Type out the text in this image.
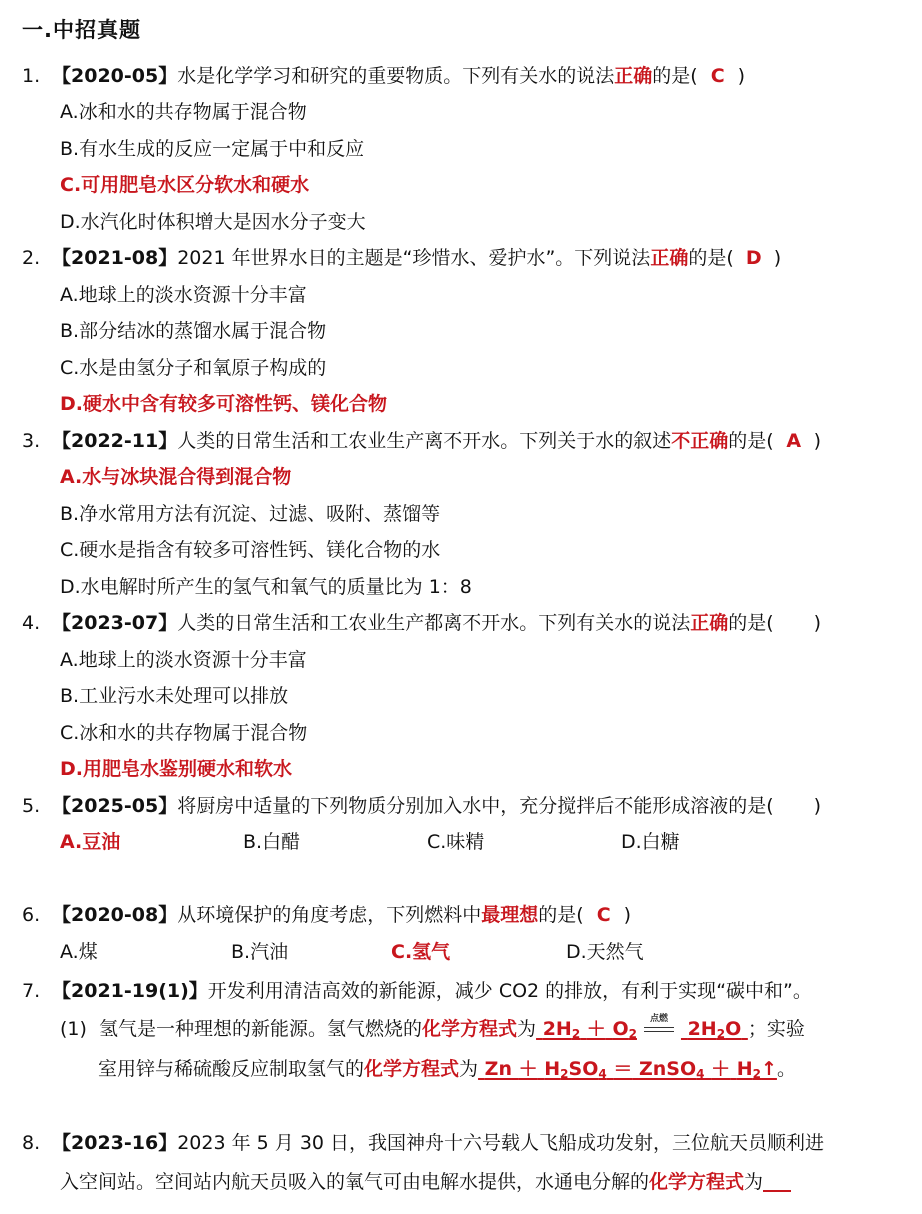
一.中招真题
1. 【2020-05】水是化学学习和研究的重要物质。下列有关水的说法正确的是( C )
A.冰和水的共存物属于混合物
B.有水生成的反应一定属于中和反应
C.可用肥皂水区分软水和硬水
D.水汽化时体积增大是因水分子变大
2. 【2021-08】2021 年世界水日的主题是“珍惜水、爱护水”。下列说法正确的是( D )
A.地球上的淡水资源十分丰富
B.部分结冰的蒸馏水属于混合物
C.水是由氢分子和氧原子构成的
D.硬水中含有较多可溶性钙、镁化合物
3. 【2022-11】人类的日常生活和工农业生产离不开水。下列关于水的叙述不正确的是( A )
A.水与冰块混合得到混合物
B.净水常用方法有沉淀、过滤、吸附、蒸馏等
C.硬水是指含有较多可溶性钙、镁化合物的水
D.水电解时所产生的氢气和氧气的质量比为 1：8
4. 【2023-07】人类的日常生活和工农业生产都离不开水。下列有关水的说法正确的是( )
A.地球上的淡水资源十分丰富
B.工业污水未处理可以排放
C.冰和水的共存物属于混合物
D.用肥皂水鉴别硬水和软水
5. 【2025-05】将厨房中适量的下列物质分别加入水中，充分搅拌后不能形成溶液的是( )
A.豆油	B.白醋	C.味精	D.白糖
6. 【2020-08】从环境保护的角度考虑，下列燃料中最理想的是( C )
A.煤	B.汽油	C.氢气	D.天然气
7. 【2021-19(1)】开发利用清洁高效的新能源，减少 CO2 的排放，有利于实现“碳中和”。
(1) 氢气是一种理想的新能源。氢气燃烧的化学方程式为 $2H_2 + O_2$
点燃	$2H_2O$ ；实验
室用锌与稀硫酸反应制取氢气的化学方程式为 $Zn + H_2SO_4$ ＝ ZnSO$_4$ ＋ $H_2↑$。
8. 【2023-16】2023 年 5 月 30 日，我国神舟十六号载人飞船成功发射，三位航天员顺利进
入空间站。空间站内航天员吸入的氧气可由电解水提供，水通电分解的化学方程式为
